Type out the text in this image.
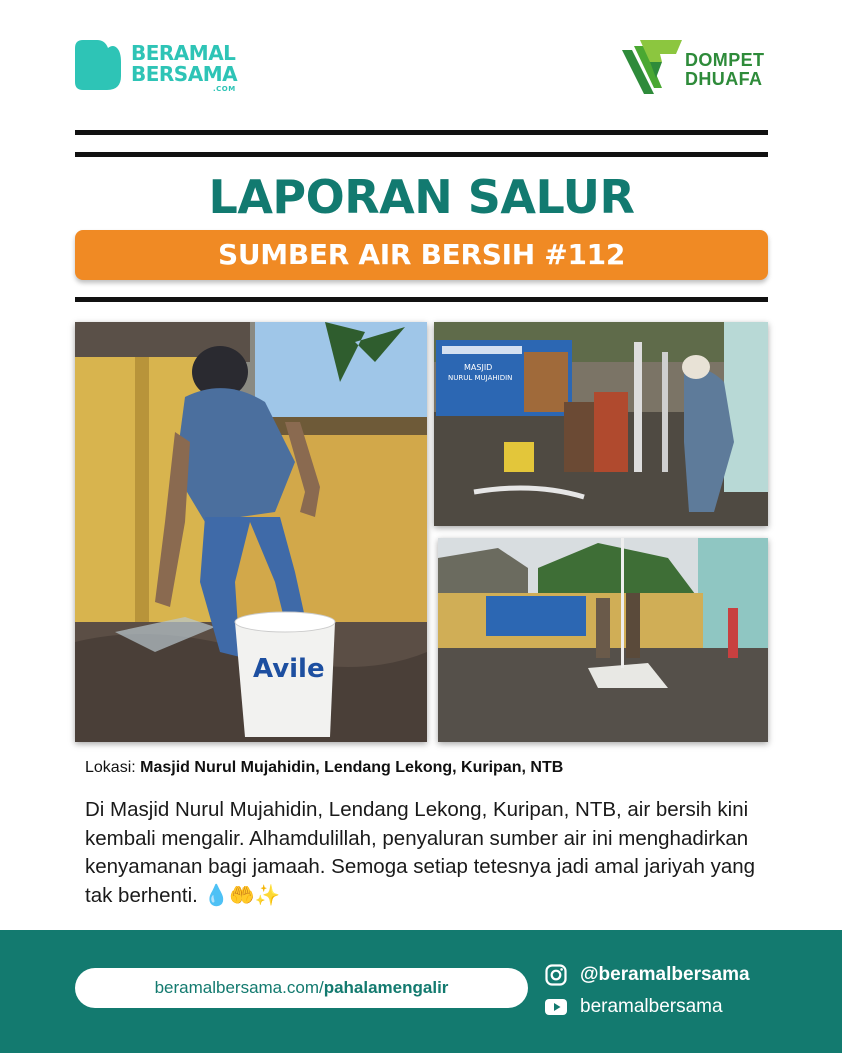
BERAMAL
BERSAMA
.COM
DOMPET
DHUAFA
LAPORAN SALUR
SUMBER AIR BERSIH #112
Avile
MASJID
NURUL MUJAHIDIN
Lokasi: Masjid Nurul Mujahidin, Lendang Lekong, Kuripan, NTB
Di Masjid Nurul Mujahidin, Lendang Lekong, Kuripan, NTB, air bersih kini kembali mengalir. Alhamdulillah, penyaluran sumber air ini menghadirkan kenyamanan bagi jamaah. Semoga setiap tetesnya jadi amal jariyah yang tak berhenti. 💧🤲✨
beramalbersama.com/pahalamengalir
@beramalbersama
beramalbersama
